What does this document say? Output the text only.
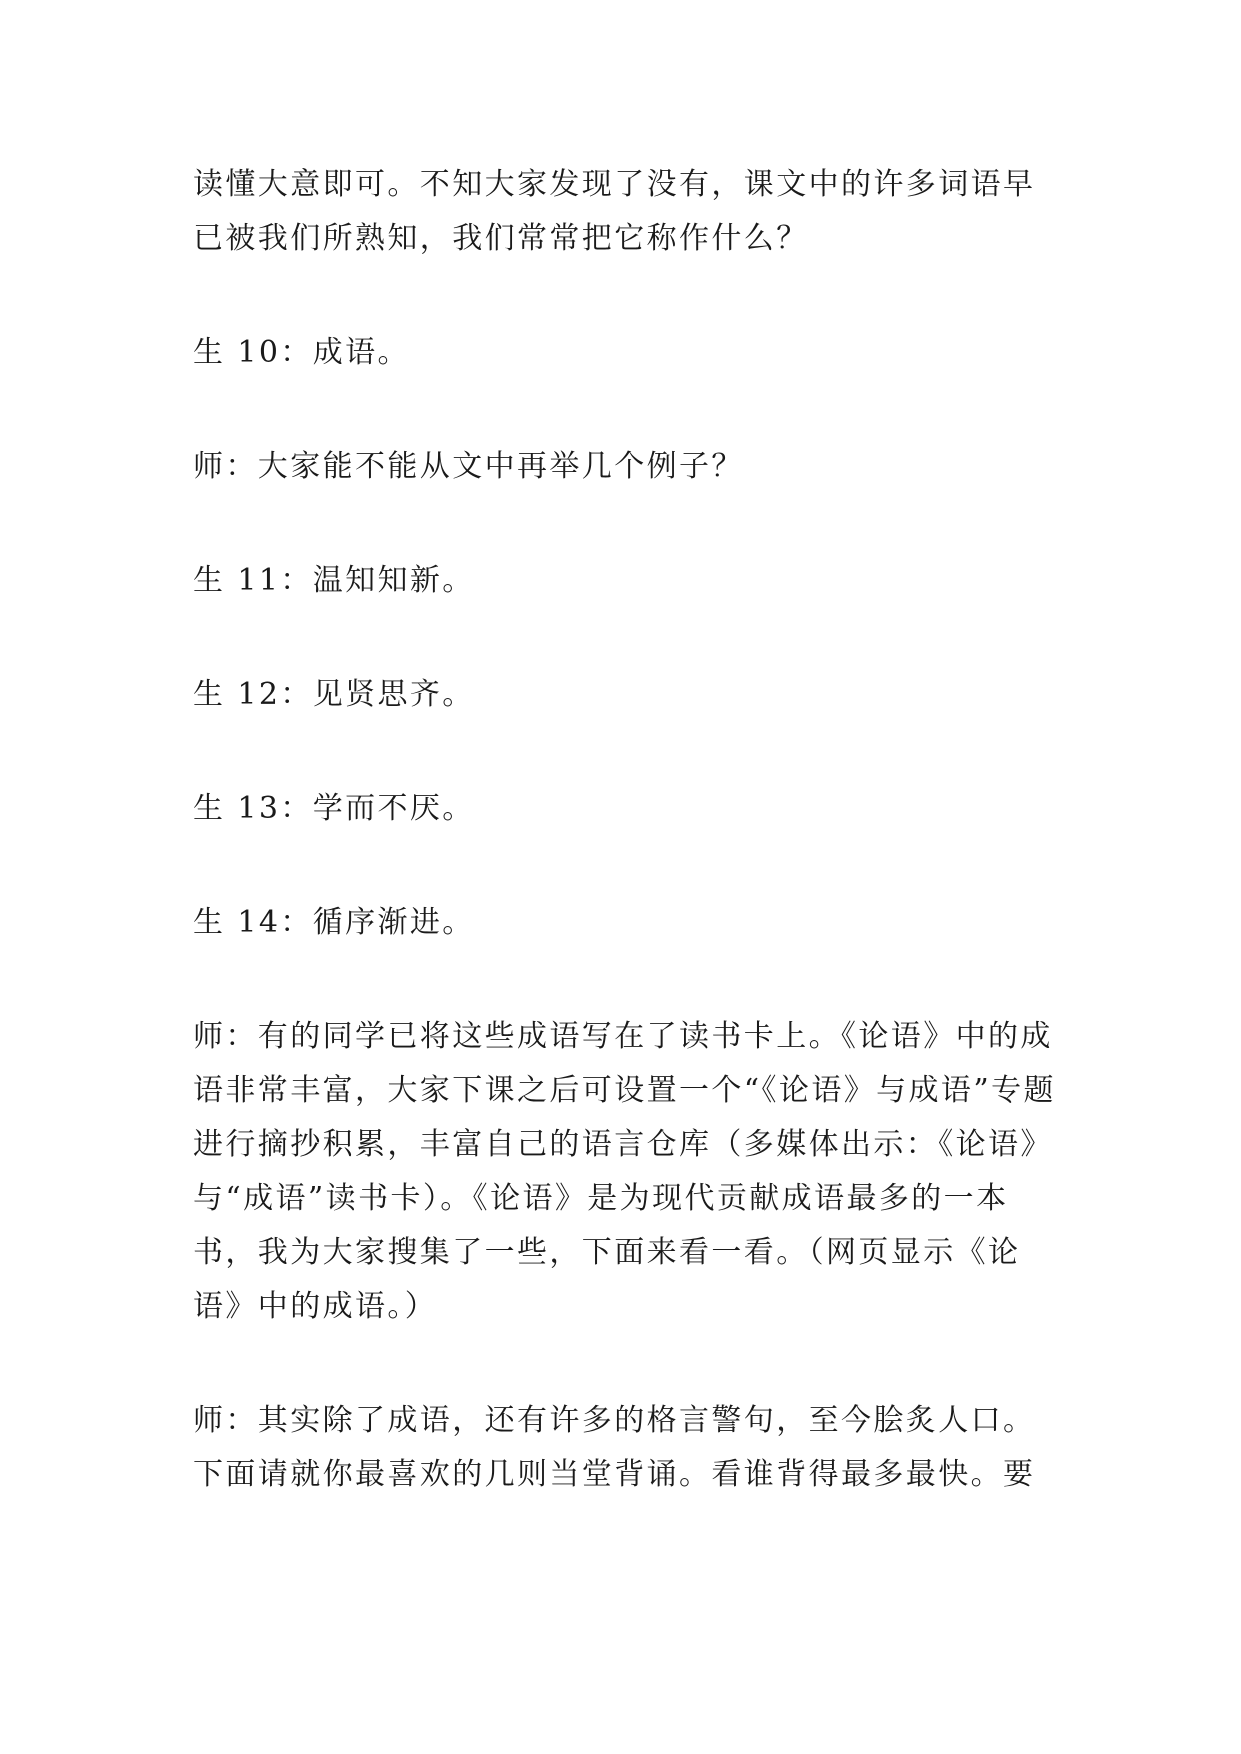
读懂大意即可。不知大家发现了没有，课文中的许多词语早已被我们所熟知，我们常常把它称作什么？

生 10：成语。

师：大家能不能从文中再举几个例子？

生 11：温知知新。

生 12：见贤思齐。

生 13：学而不厌。

生 14：循序渐进。

师：有的同学已将这些成语写在了读书卡上。《论语》中的成语非常丰富，大家下课之后可设置一个“《论语》与成语”专题进行摘抄积累，丰富自己的语言仓库（多媒体出示：《论语》与“成语”读书卡）。《论语》是为现代贡献成语最多的一本书，我为大家搜集了一些，下面来看一看。（网页显示《论语》中的成语。）

师：其实除了成语，还有许多的格言警句，至今脍炙人口。下面请就你最喜欢的几则当堂背诵。看谁背得最多最快。要
